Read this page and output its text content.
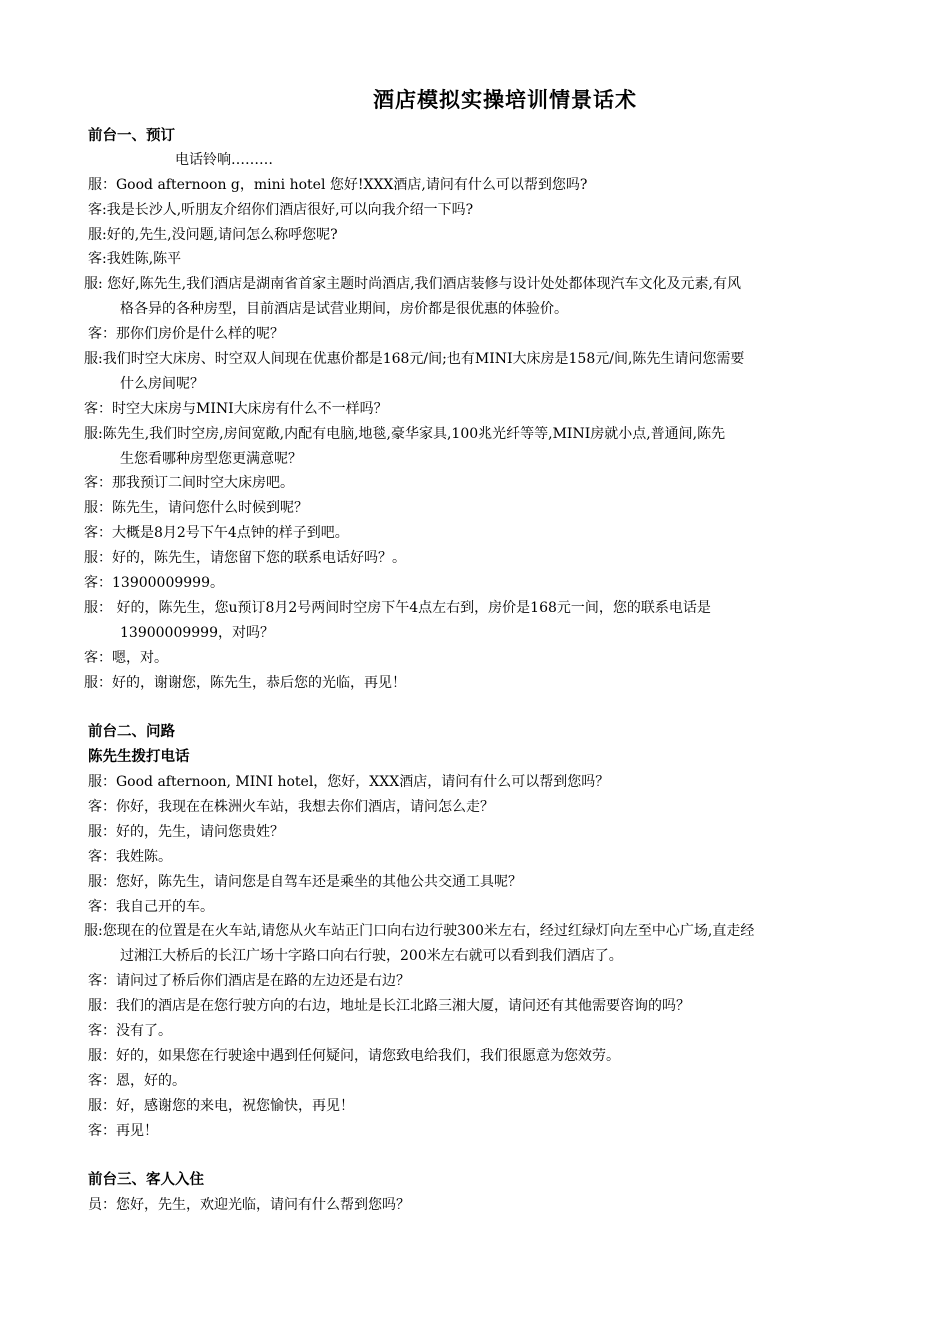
酒店模拟实操培训情景话术
前台一、预订
电话铃响………
服：Good afternoon g，mini hotel 您好!XXX酒店,请问有什么可以帮到您吗?
客:我是长沙人,听朋友介绍你们酒店很好,可以向我介绍一下吗?
服:好的,先生,没问题,请问怎么称呼您呢?
客:我姓陈,陈平
服: 您好,陈先生,我们酒店是湖南省首家主题时尚酒店,我们酒店装修与设计处处都体现汽车文化及元素,有风
格各异的各种房型，目前酒店是试营业期间，房价都是很优惠的体验价。
客：那你们房价是什么样的呢？
服:我们时空大床房、时空双人间现在优惠价都是168元/间;也有MINI大床房是158元/间,陈先生请问您需要
什么房间呢？
客：时空大床房与MINI大床房有什么不一样吗？
服:陈先生,我们时空房,房间宽敞,内配有电脑,地毯,豪华家具,100兆光纤等等,MINI房就小点,普通间,陈先
生您看哪种房型您更满意呢？
客：那我预订二间时空大床房吧。
服：陈先生，请问您什么时候到呢？
客：大概是8月2号下午4点钟的样子到吧。
服：好的，陈先生，请您留下您的联系电话好吗？。
客：13900009999。
服： 好的，陈先生，您u预订8月2号两间时空房下午4点左右到，房价是168元一间，您的联系电话是
13900009999，对吗？
客：嗯，对。
服：好的，谢谢您，陈先生，恭后您的光临，再见！
前台二、问路
陈先生拨打电话
服：Good afternoon, MINI hotel，您好，XXX酒店，请问有什么可以帮到您吗？
客：你好，我现在在株洲火车站，我想去你们酒店，请问怎么走？
服：好的，先生，请问您贵姓？
客：我姓陈。
服：您好，陈先生，请问您是自驾车还是乘坐的其他公共交通工具呢？
客：我自己开的车。
服:您现在的位置是在火车站,请您从火车站正门口向右边行驶300米左右，经过红绿灯向左至中心广场,直走经
过湘江大桥后的长江广场十字路口向右行驶，200米左右就可以看到我们酒店了。
客：请问过了桥后你们酒店是在路的左边还是右边？
服：我们的酒店是在您行驶方向的右边，地址是长江北路三湘大厦，请问还有其他需要咨询的吗？
客：没有了。
服：好的，如果您在行驶途中遇到任何疑问，请您致电给我们，我们很愿意为您效劳。
客：恩，好的。
服：好，感谢您的来电，祝您愉快，再见！
客：再见！
前台三、客人入住
员：您好，先生，欢迎光临，请问有什么帮到您吗？
